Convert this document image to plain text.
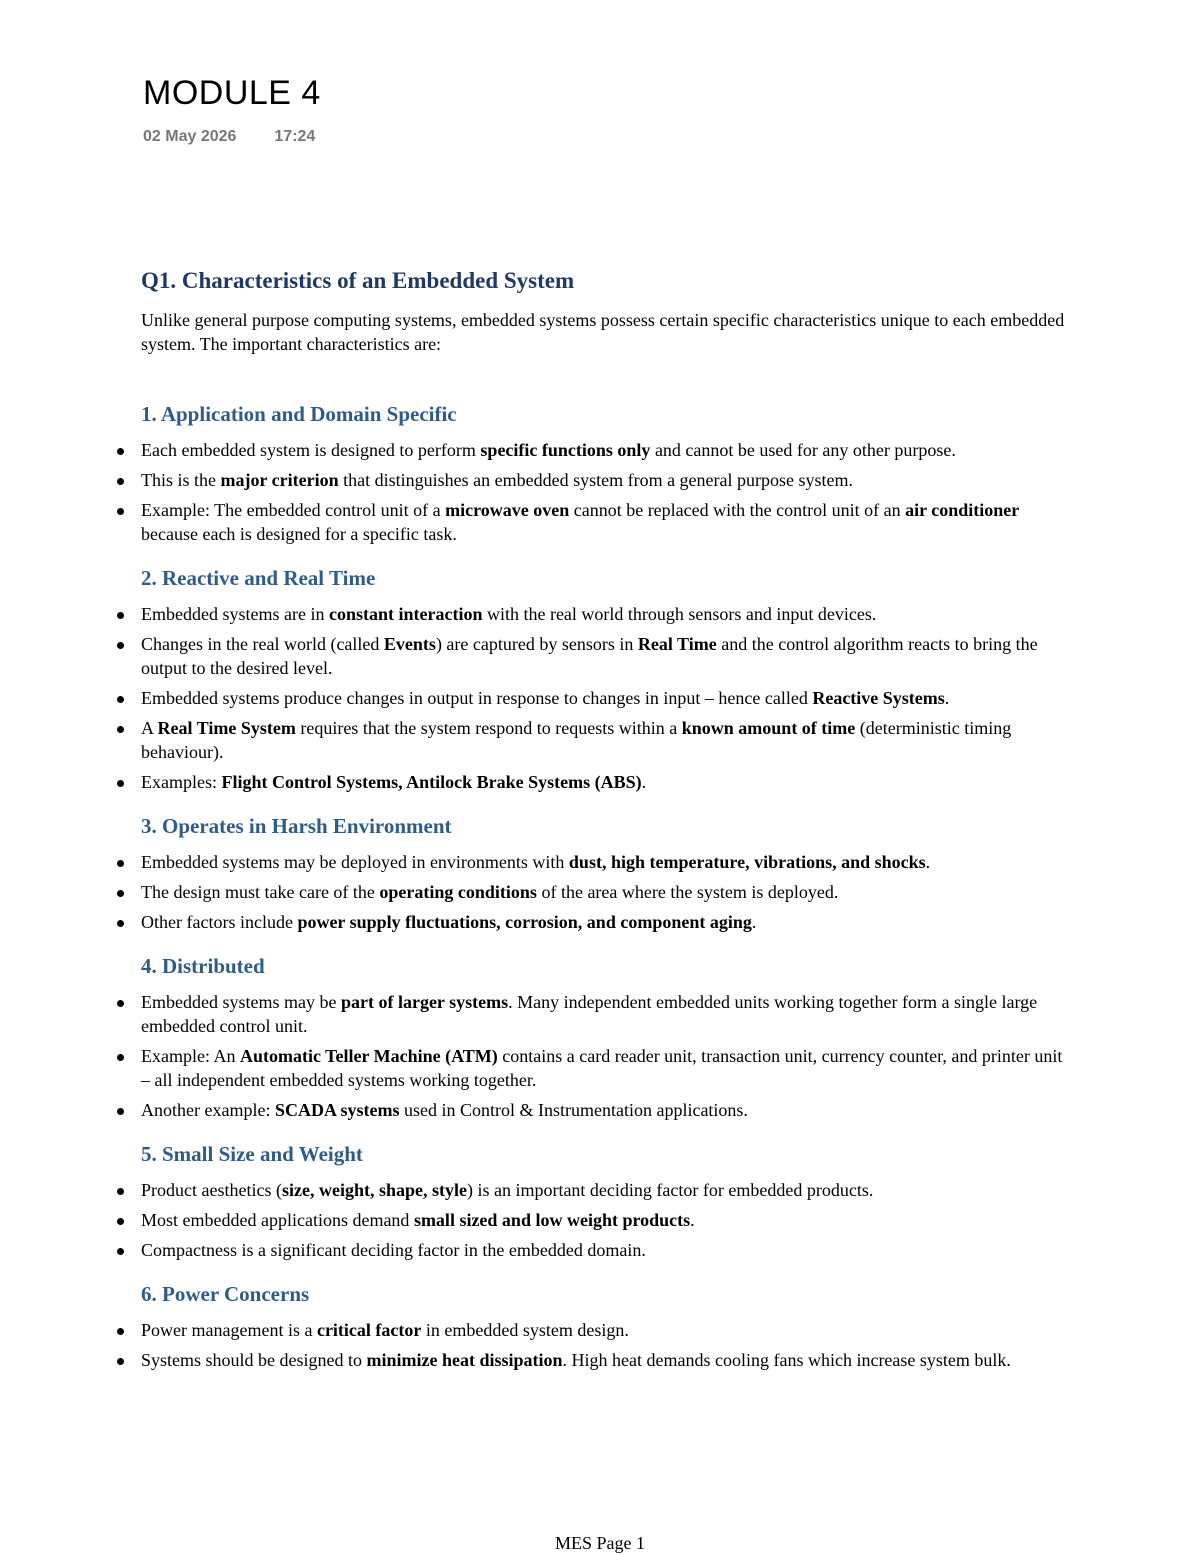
MODULE 4
02 May 2026 17:24
Q1. Characteristics of an Embedded System

Unlike general purpose computing systems, embedded systems possess certain specific characteristics unique to each embedded system. The important characteristics are:

1. Application and Domain Specific
Each embedded system is designed to perform specific functions only and cannot be used for any other purpose.
This is the major criterion that distinguishes an embedded system from a general purpose system.
Example: The embedded control unit of a microwave oven cannot be replaced with the control unit of an air conditioner because each is designed for a specific task.
2. Reactive and Real Time
Embedded systems are in constant interaction with the real world through sensors and input devices.
Changes in the real world (called Events) are captured by sensors in Real Time and the control algorithm reacts to bring the output to the desired level.
Embedded systems produce changes in output in response to changes in input – hence called Reactive Systems.
A Real Time System requires that the system respond to requests within a known amount of time (deterministic timing behaviour).
Examples: Flight Control Systems, Antilock Brake Systems (ABS).
3. Operates in Harsh Environment
Embedded systems may be deployed in environments with dust, high temperature, vibrations, and shocks.
The design must take care of the operating conditions of the area where the system is deployed.
Other factors include power supply fluctuations, corrosion, and component aging.
4. Distributed
Embedded systems may be part of larger systems. Many independent embedded units working together form a single large embedded control unit.
Example: An Automatic Teller Machine (ATM) contains a card reader unit, transaction unit, currency counter, and printer unit – all independent embedded systems working together.
Another example: SCADA systems used in Control & Instrumentation applications.
5. Small Size and Weight
Product aesthetics (size, weight, shape, style) is an important deciding factor for embedded products.
Most embedded applications demand small sized and low weight products.
Compactness is a significant deciding factor in the embedded domain.
6. Power Concerns
Power management is a critical factor in embedded system design.
Systems should be designed to minimize heat dissipation. High heat demands cooling fans which increase system bulk.
MES Page 1
